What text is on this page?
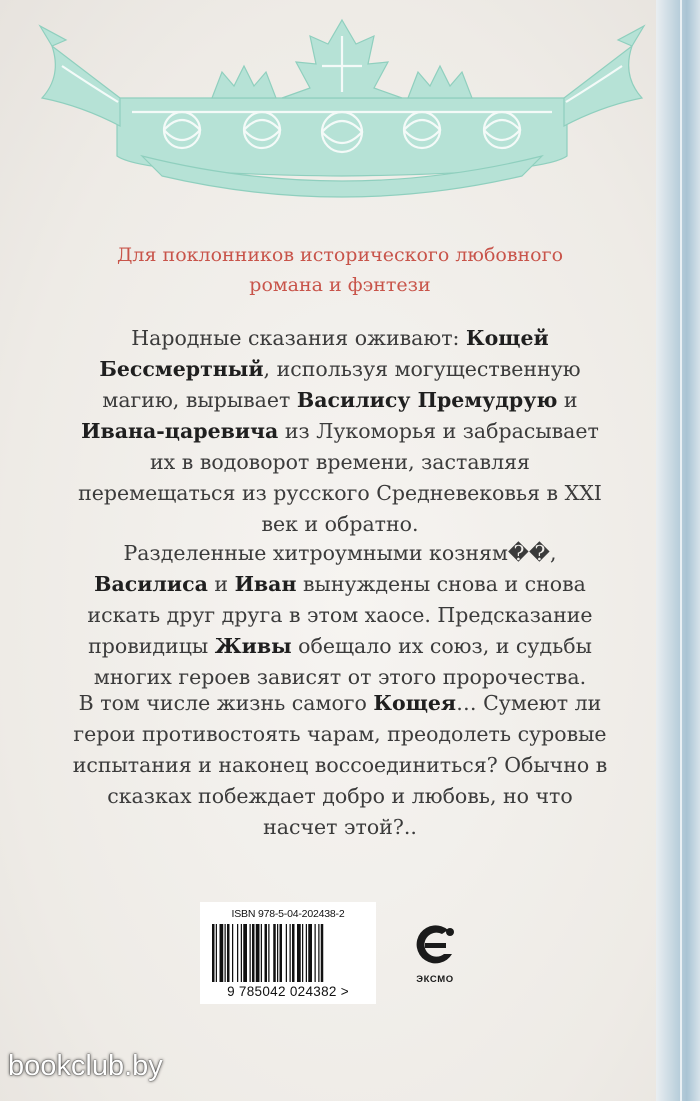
Для поклонников исторического любовного
романа и фэнтези
Народные сказания оживают: Кощей Бессмертный, используя могущественную магию, вырывает Василису Премудрую и Ивана-царевича из Лукоморья и забрасывает их в водоворот времени, заставляя перемещаться из русского Средневековья в XXI век и обратно.
Разделенные хитроумными козням��, Василиса и Иван вынуждены снова и снова искать друг друга в этом хаосе. Предсказание провидицы Живы обещало их союз, и судьбы многих героев зависят от этого пророчества.
В том числе жизнь самого Кощея… Сумеют ли герои противостоять чарам, преодолеть суровые испытания и наконец воссоединиться? Обычно в сказках побеждает добро и любовь, но что насчет этой?..
ISBN 978-5-04-202438-2
9 785042 024382 >
ЭКСМО
bookclub.by
